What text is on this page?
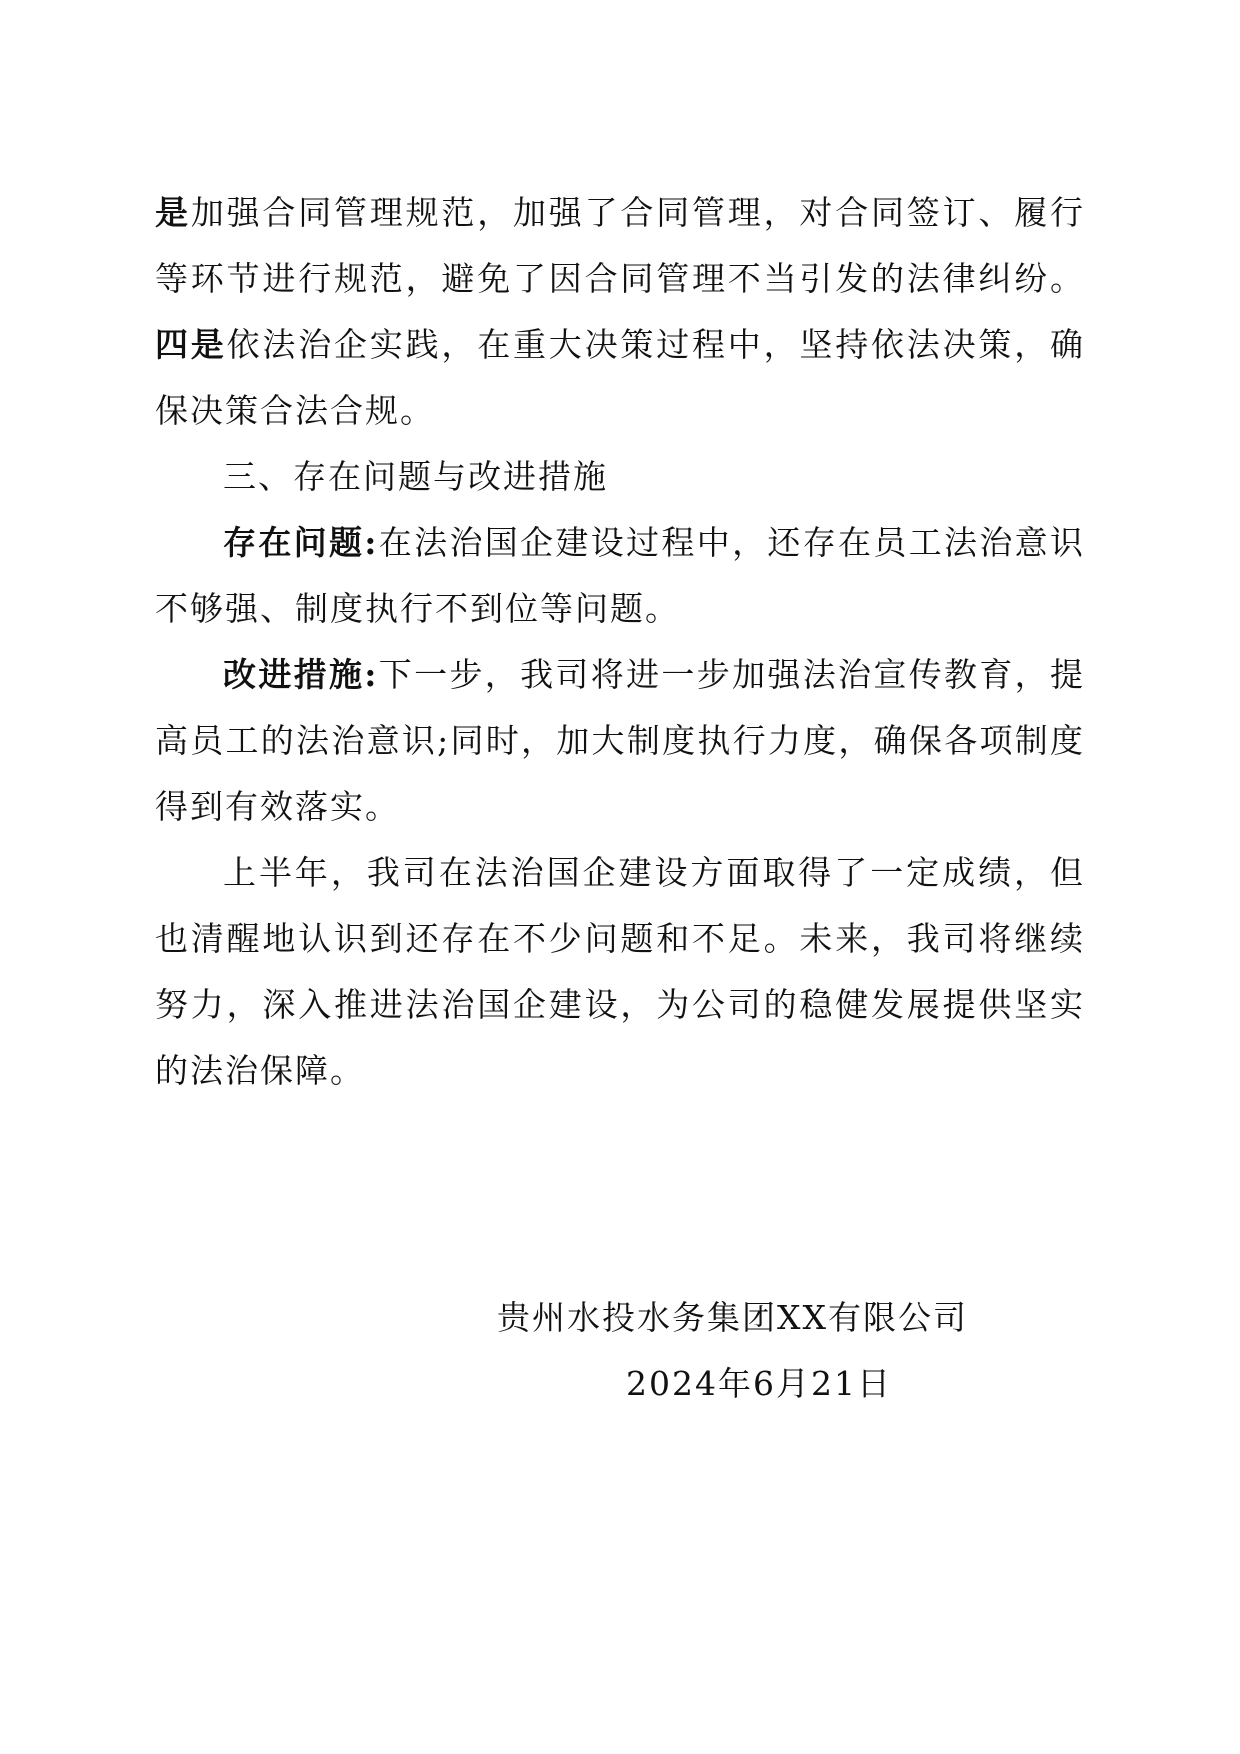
是加强合同管理规范，加强了合同管理，对合同签订、履行等环节进行规范，避免了因合同管理不当引发的法律纠纷。四是依法治企实践，在重大决策过程中，坚持依法决策，确保决策合法合规。

三、存在问题与改进措施

存在问题:在法治国企建设过程中，还存在员工法治意识不够强、制度执行不到位等问题。

改进措施:下一步，我司将进一步加强法治宣传教育，提高员工的法治意识;同时，加大制度执行力度，确保各项制度得到有效落实。

上半年，我司在法治国企建设方面取得了一定成绩，但也清醒地认识到还存在不少问题和不足。未来，我司将继续努力，深入推进法治国企建设，为公司的稳健发展提供坚实的法治保障。

贵州水投水务集团XX有限公司
2024年6月21日
